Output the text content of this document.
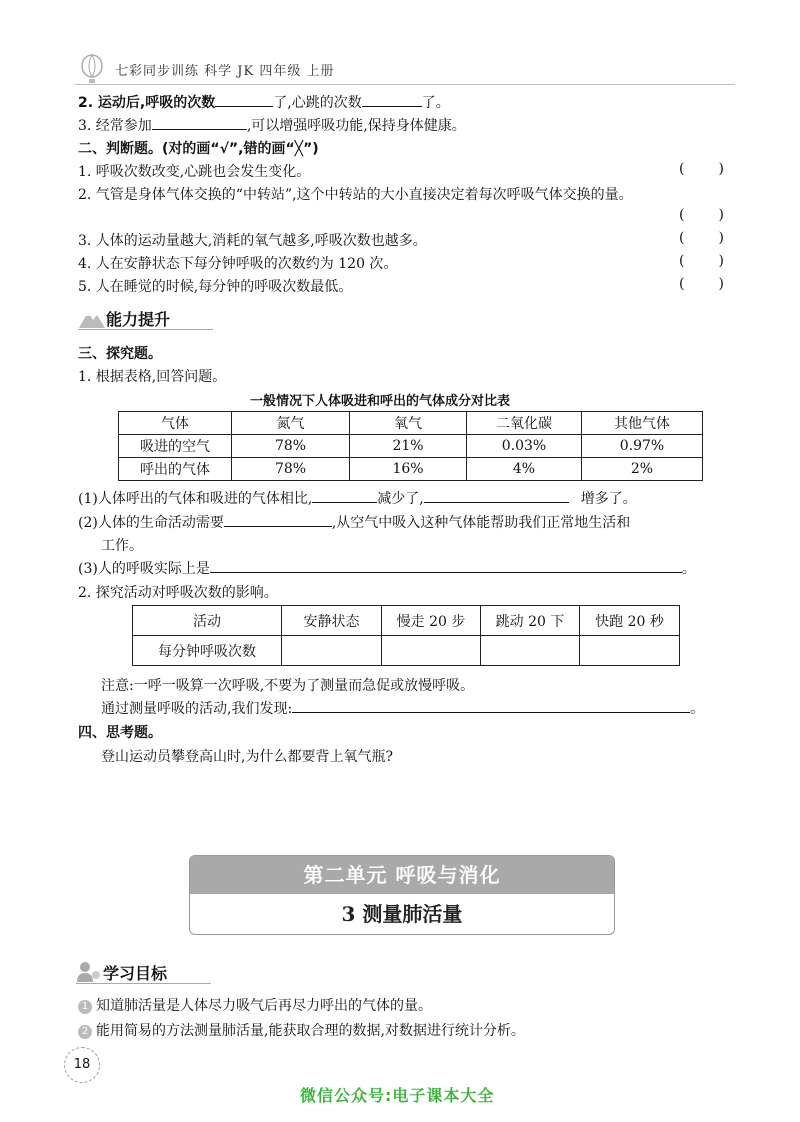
七彩同步训练 科学 JK 四年级 上册
2. 运动后,呼吸的次数	了,心跳的次数	了。
3. 经常参加	,可以增强呼吸功能,保持身体健康。
二、判断题。(对的画“√”,错的画“╳”)
1. 呼吸次数改变,心跳也会发生变化。	( )
2. 气管是身体气体交换的“中转站”,这个中转站的大小直接决定着每次呼吸气体交换的量。
( )
3. 人体的运动量越大,消耗的氧气越多,呼吸次数也越多。	( )
4. 人在安静状态下每分钟呼吸的次数约为 120 次。	( )
5. 人在睡觉的时候,每分钟的呼吸次数最低。	( )
能力提升
三、探究题。
1. 根据表格,回答问题。
一般情况下人体吸进和呼出的气体成分对比表
气体	氮气	氧气	二氧化碳	其他气体
吸进的空气	78%	21%	0.03%	0.97%
呼出的气体	78%	16%	4%	2%
(1)人体呼出的气体和吸进的气体相比,	减少了,	增多了。
(2)人体的生命活动需要	,从空气中吸入这种气体能帮助我们正常地生活和
工作。
(3)人的呼吸实际上是	。
2. 探究活动对呼吸次数的影响。
活动	安静状态	慢走 20 步	跳动 20 下	快跑 20 秒
每分钟呼吸次数				
注意:一呼一吸算一次呼吸,不要为了测量而急促或放慢呼吸。
通过测量呼吸的活动,我们发现:	。
四、思考题。
登山运动员攀登高山时,为什么都要背上氧气瓶?
第二单元 呼吸与消化
3 测量肺活量
学习目标
1 知道肺活量是人体尽力吸气后再尽力呼出的气体的量。
2 能用简易的方法测量肺活量,能获取合理的数据,对数据进行统计分析。
18
微信公众号:电子课本大全
